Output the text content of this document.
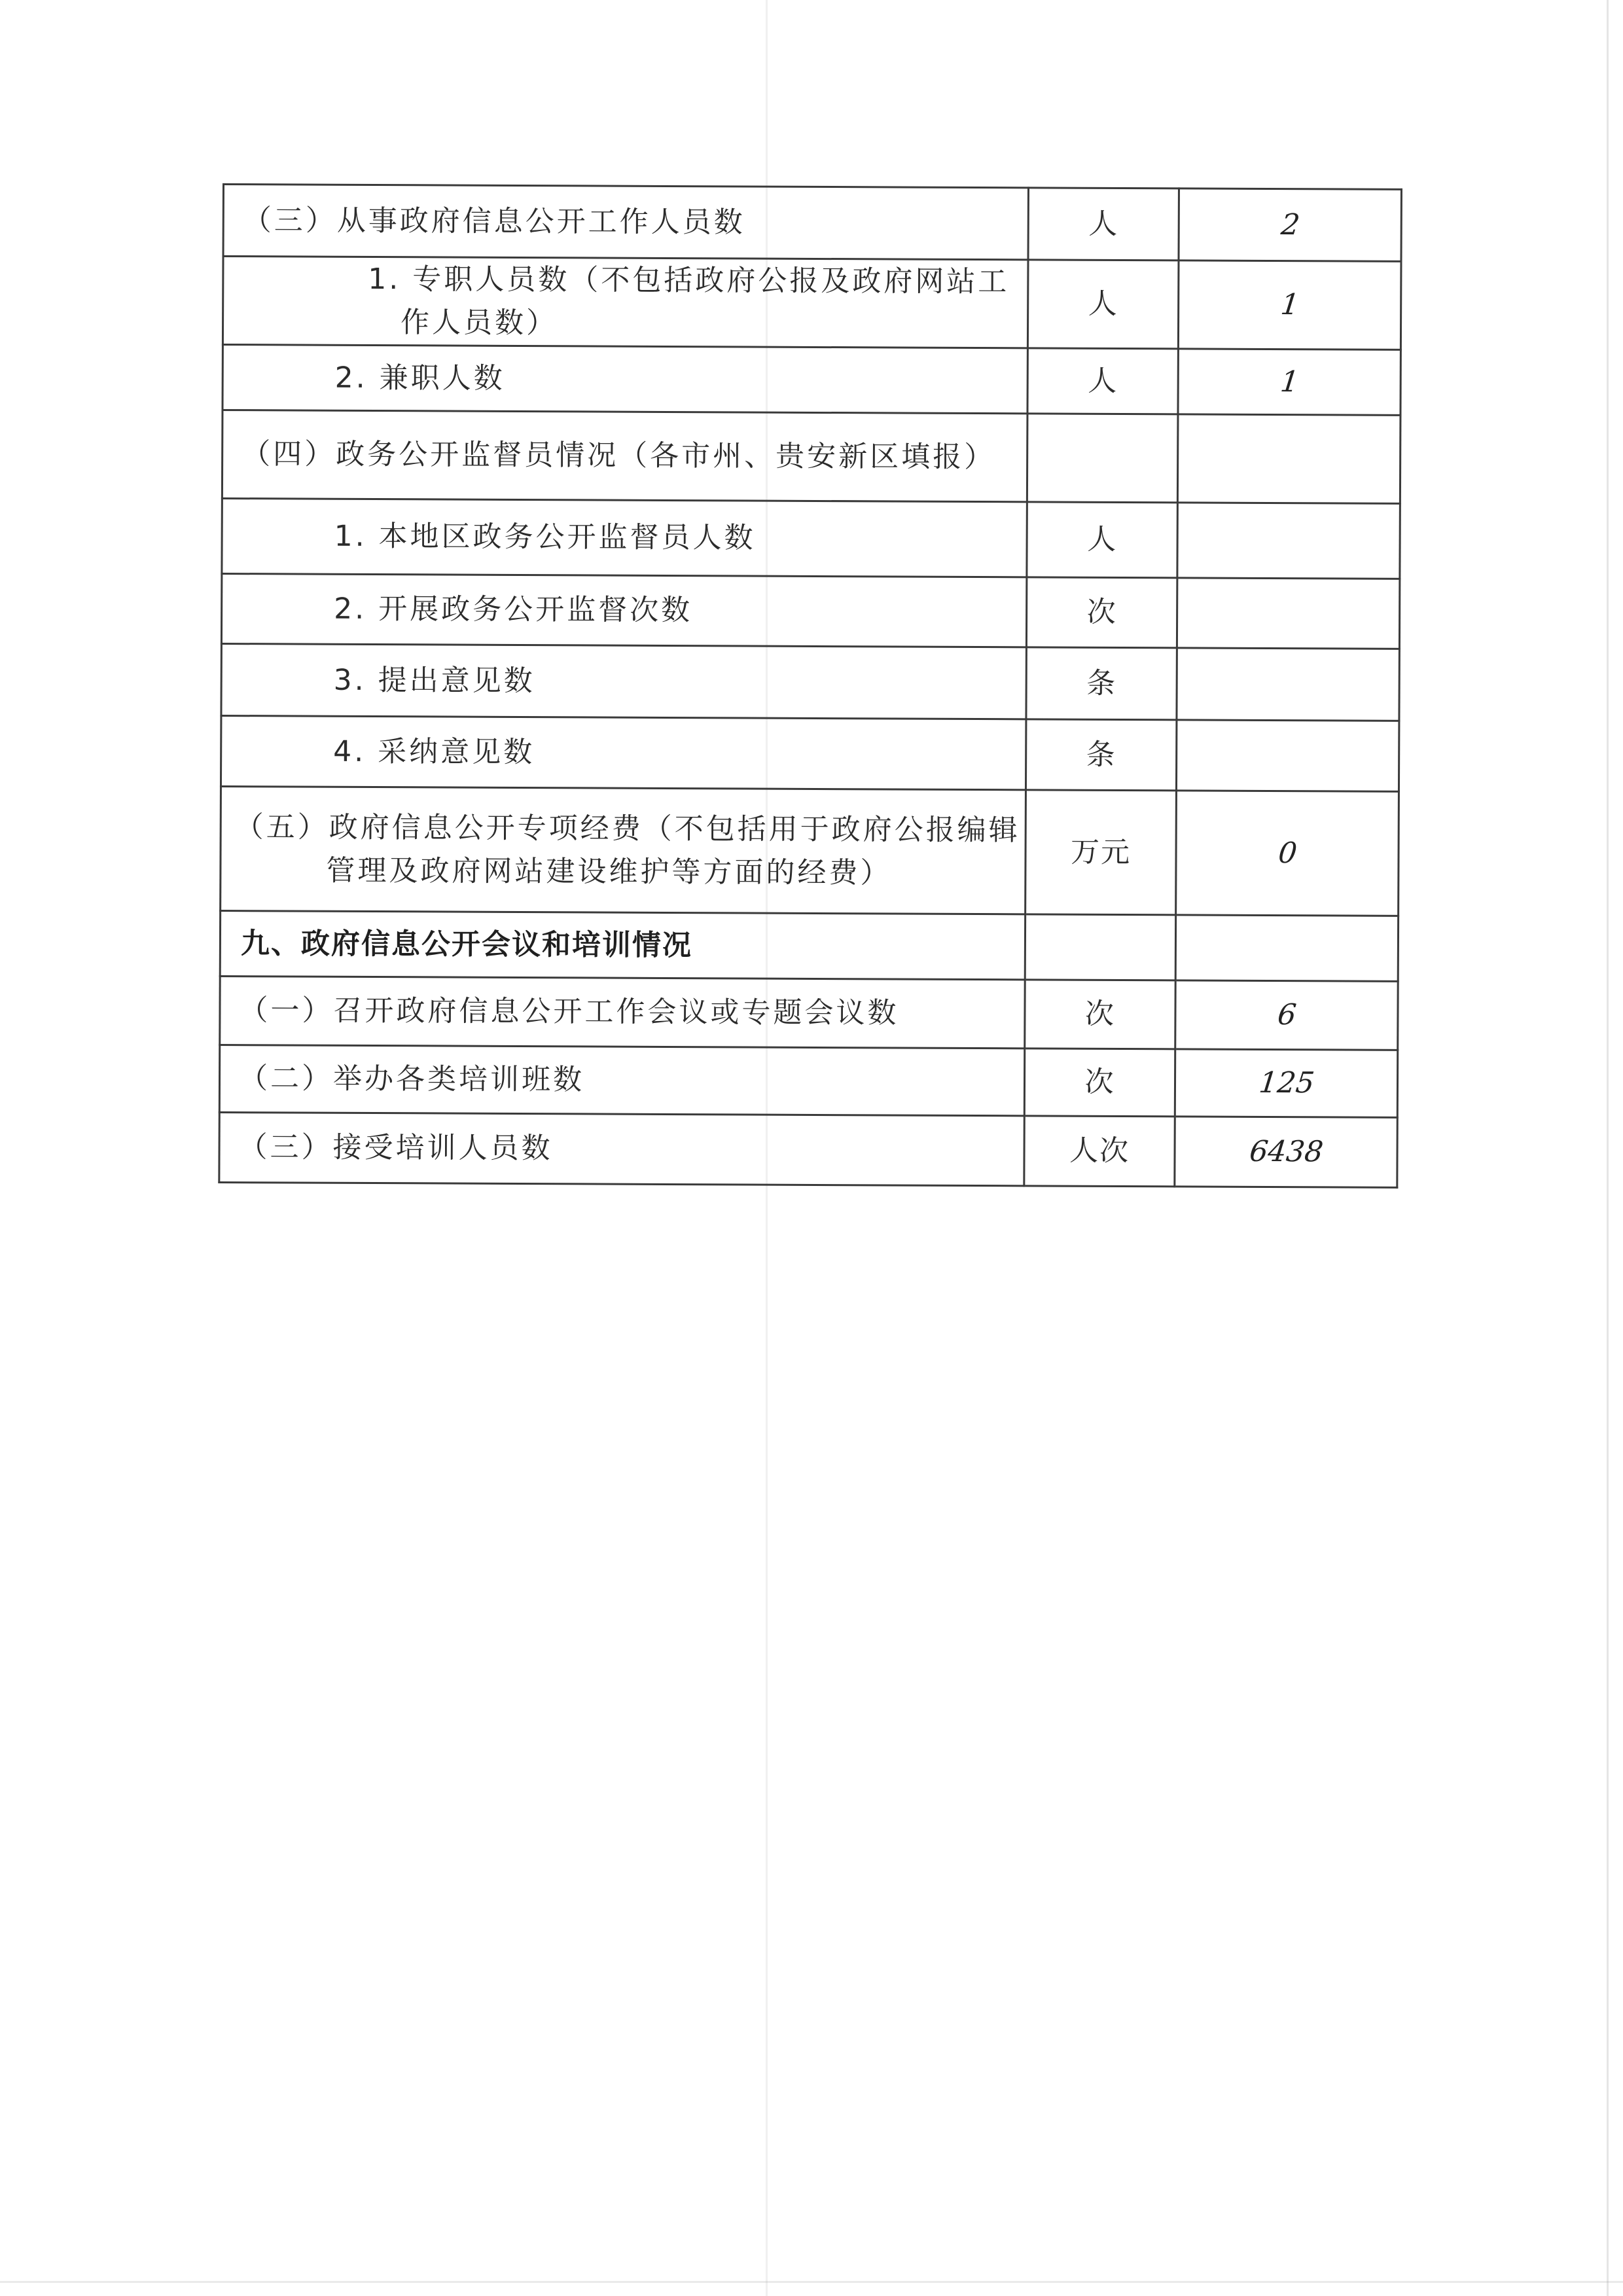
（三）从事政府信息公开工作人员数	人	2

1. 专职人员数（不包括政府公报及政府网站工作人员数）	人	1

2. 兼职人数	人	1

（四）政务公开监督员情况（各市州、贵安新区填报）		

1. 本地区政务公开监督员人数	人	

2. 开展政务公开监督次数	次	

3. 提出意见数	条	

4. 采纳意见数	条	

（五）政府信息公开专项经费（不包括用于政府公报编辑管理及政府网站建设维护等方面的经费）	万元	0

九、政府信息公开会议和培训情况		

（一）召开政府信息公开工作会议或专题会议数	次	6

（二）举办各类培训班数	次	125

（三）接受培训人员数	人次	6438
